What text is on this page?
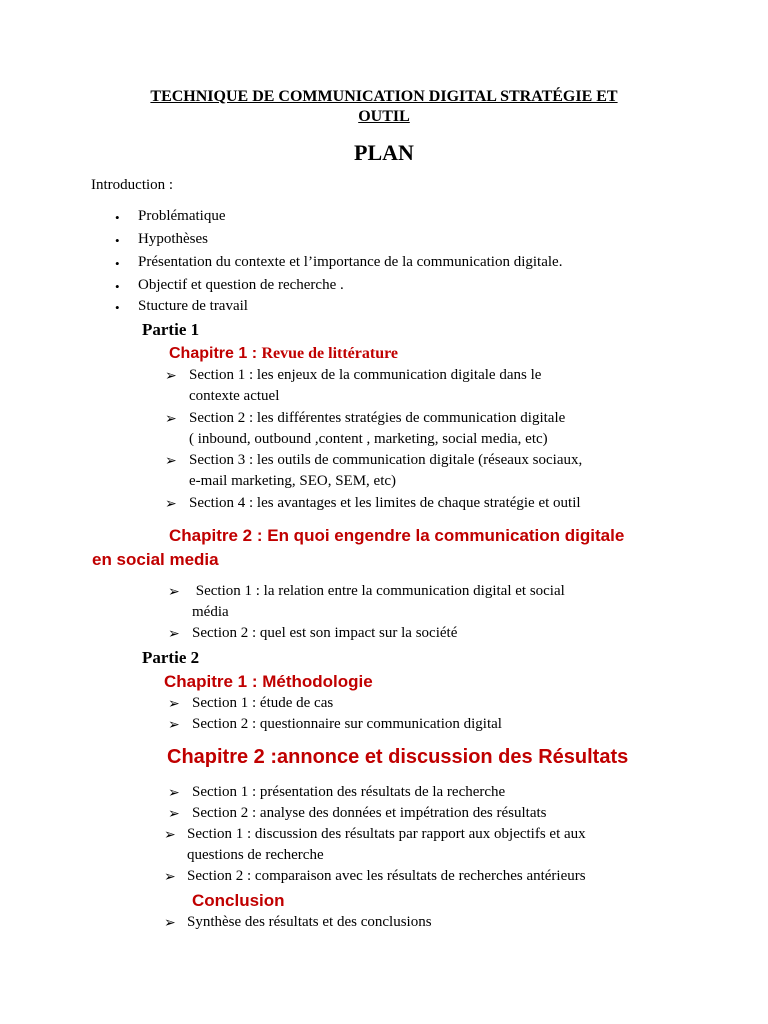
TECHNIQUE DE COMMUNICATION DIGITAL STRATÉGIE ET
OUTIL
PLAN
Introduction :
• Problématique
• Hypothèses
• Présentation du contexte et l’importance de la communication digitale.
• Objectif et question de recherche .
• Stucture de travail
Partie 1
Chapitre 1 : Revue de littérature
➢ Section 1 : les enjeux de la communication digitale dans le
contexte actuel
➢ Section 2 : les différentes stratégies de communication digitale
( inbound, outbound ,content , marketing, social media, etc)
➢ Section 3 : les outils de communication digitale (réseaux sociaux,
e-mail marketing, SEO, SEM, etc)
➢ Section 4 : les avantages et les limites de chaque stratégie et outil
Chapitre 2 : En quoi engendre la communication digitale
en social media
➢ Section 1 : la relation entre la communication digital et social
média
➢ Section 2 : quel est son impact sur la société
Partie 2
Chapitre 1 : Méthodologie
➢ Section 1 : étude de cas
➢ Section 2 : questionnaire sur communication digital
Chapitre 2 :annonce et discussion des Résultats
➢ Section 1 : présentation des résultats de la recherche
➢ Section 2 : analyse des données et impétration des résultats
➢ Section 1 : discussion des résultats par rapport aux objectifs et aux
questions de recherche
➢ Section 2 : comparaison avec les résultats de recherches antérieurs
Conclusion
➢ Synthèse des résultats et des conclusions
